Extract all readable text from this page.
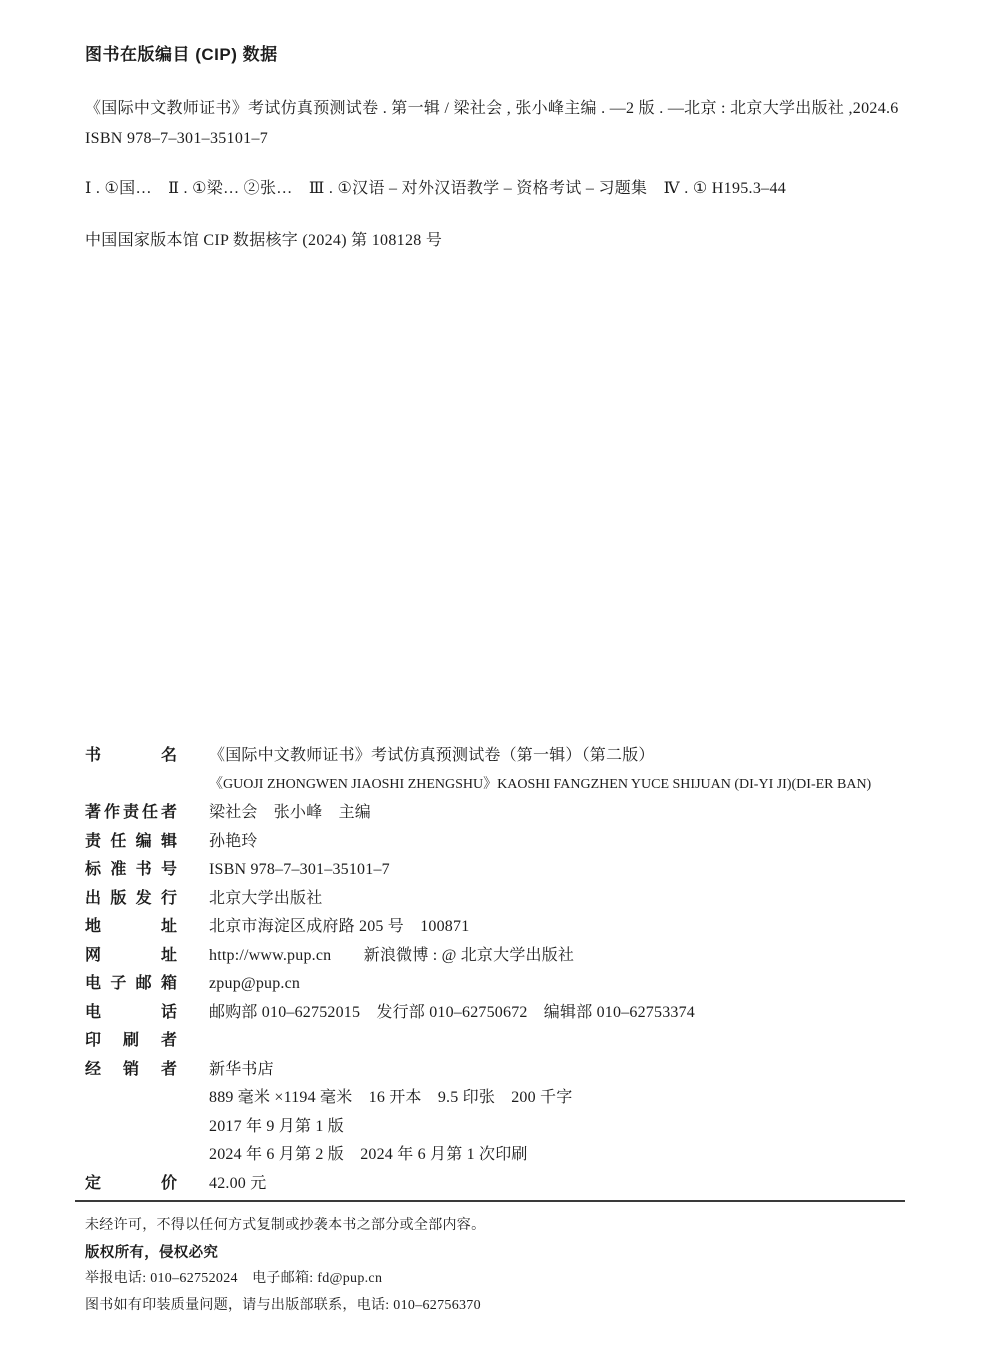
图书在版编目 (CIP) 数据
《国际中文教师证书》考试仿真预测试卷 . 第一辑 / 梁社会 , 张小峰主编 . —2 版 . —北京 : 北京大学出版社 ,2024.6
ISBN 978–7–301–35101–7
Ⅰ . ①国…　Ⅱ . ①梁… ②张…　Ⅲ . ①汉语 – 对外汉语教学 – 资格考试 – 习题集　Ⅳ . ① H195.3–44
中国国家版本馆 CIP 数据核字 (2024) 第 108128 号
书名 《国际中文教师证书》考试仿真预测试卷（第一辑）（第二版）
《GUOJI ZHONGWEN JIAOSHI ZHENGSHU》KAOSHI FANGZHEN YUCE SHIJUAN (DI-YI JI)(DI-ER BAN)
著作责任者 梁社会　张小峰　主编
责任编辑 孙艳玲
标准书号 ISBN 978–7–301–35101–7
出版发行 北京大学出版社
地址 北京市海淀区成府路 205 号　100871
网址 http://www.pup.cn　　新浪微博 : @ 北京大学出版社
电子邮箱 zpup@pup.cn
电话 邮购部 010–62752015　发行部 010–62750672　编辑部 010–62753374
印刷者
经销者 新华书店
889 毫米 ×1194 毫米　16 开本　9.5 印张　200 千字
2017 年 9 月第 1 版
2024 年 6 月第 2 版　2024 年 6 月第 1 次印刷
定价 42.00 元
未经许可，不得以任何方式复制或抄袭本书之部分或全部内容。
版权所有，侵权必究
举报电话: 010–62752024　电子邮箱: fd@pup.cn
图书如有印装质量问题，请与出版部联系，电话: 010–62756370
